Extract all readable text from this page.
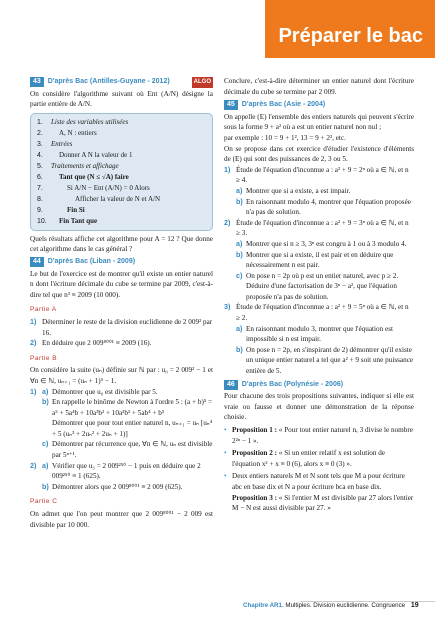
Préparer le bac
43	D'après Bac (Antilles-Guyane - 2012)	ALGO

On considère l'algorithme suivant où Ent (A/N) désigne la partie entière de A/N.

1.	Liste des variables utilisées
2.	A, N : entiers
3.	Entrées
4.	Donner A N la valeur de 1
5.	Traitements et affichage
6.	Tant que (N ≤ √A) faire
7.	Si A/N − Ent (A/N) = 0 Alors
8.	Afficher la valeur de N et A/N
9.	Fin Si
10.	Fin Tant que

Quels résultats affiche cet algorithme pour A = 12 ? Que donne cet algorithme dans le cas général ?

44	D'après Bac (Liban - 2009)

Le but de l'exercice est de montrer qu'il existe un entier naturel n dont l'écriture décimale du cube se termine par 2009, c'est-à-dire tel que n³ ≡ 2009 (10 000).

Partie A
1) Déterminer le reste de la division euclidienne de 2 009² par 16.
2) En déduire que 2 009⁸⁰⁰¹ ≡ 2009 (16).
Partie B

On considère la suite (uₙ) définie sur ℕ par : u₀ = 2 009² − 1 et ∀n ∈ ℕ, uₙ₊₁ = (uₙ + 1)⁵ − 1.

1) a) Démontrer que u₀ est divisible par 5.
b) En rappelle le binôme de Newton à l'ordre 5 : (a + b)⁵ = a⁵ + 5a⁴b + 10a³b² + 10a²b³ + 5ab⁴ + b⁵
Démontrer que pour tout entier naturel n, uₙ₊₁ = uₙ [uₙ⁴ + 5 (uₙ³ + 2uₙ² + 2uₙ + 1)]
c) Démontrer par récurrence que, ∀n ∈ ℕ, uₙ est divisible par 5ⁿ⁺¹.
2) a) Vérifier que u₃ = 2 009²⁵⁰ − 1 puis en déduire que 2 009²⁵⁰ ≡ 1 (625).
b) Démontrer alors que 2 009⁸⁰⁰¹ ≡ 2 009 (625).
Partie C

On admet que l'on peut montrer que 2 009⁸⁰⁰¹ − 2 009 est divisible par 10 000.

Conclure, c'est-à-dire déterminer un entier naturel dont l'écriture décimale du cube se termine par 2 009.

45	D'après Bac (Asie - 2004)

On appelle (E) l'ensemble des entiers naturels qui peuvent s'écrire sous la forme 9 + a² où a est un entier naturel non nul ;

par exemple : 10 = 9 + 1², 13 = 9 + 2², etc.

On se propose dans cet exercice d'étudier l'existence d'éléments de (E) qui sont des puissances de 2, 3 ou 5.

1) Étude de l'équation d'inconnue a : a² + 9 = 2ⁿ où a ∈ ℕ, et n ≥ 4.
a) Montrer que si a existe, a est impair.
b) En raisonnant modulo 4, montrer que l'équation proposée n'a pas de solution.
2) Étude de l'équation d'inconnue a : a² + 9 = 3ⁿ où a ∈ ℕ, et n ≥ 3.
a) Montrer que si n ≥ 3, 3ⁿ est congru à 1 ou à 3 modulo 4.
b) Montrer que si a existe, il est pair et en déduire que nécessairement n est pair.
c) On pose n = 2p où p est un entier naturel, avec p ≥ 2. Déduire d'une factorisation de 3ⁿ − a², que l'équation proposée n'a pas de solution.
3) Étude de l'équation d'inconnue a : a² + 9 = 5ⁿ où a ∈ ℕ, et n ≥ 2.
a) En raisonnant modulo 3, montrer que l'équation est impossible si n est impair.
b) On pose n = 2p, en s'inspirant de 2) démontrer qu'il existe un unique entier naturel a tel que a² + 9 soit une puissance entière de 5.
46	D'après Bac (Polynésie - 2006)

Pour chacune des trois propositions suivantes, indiquer si elle est vraie ou fausse et donner une démonstration de la réponse choisie.

• Proposition 1 : « Pour tout entier naturel n, 3 divise le nombre 2²ⁿ − 1 ».
• Proposition 2 : « Si un entier relatif x est solution de l'équation x² + x ≡ 0 (6), alors x ≡ 0 (3) ».
• Deux entiers naturels M et N sont tels que M a pour écriture abc en base dix et N a pour écriture bca en base dix.
Proposition 3 : « Si l'entier M est divisible par 27 alors l'entier M − N est aussi divisible par 27. »
Chapitre AR1. Multiples. Division euclidienne. Congruence 19
